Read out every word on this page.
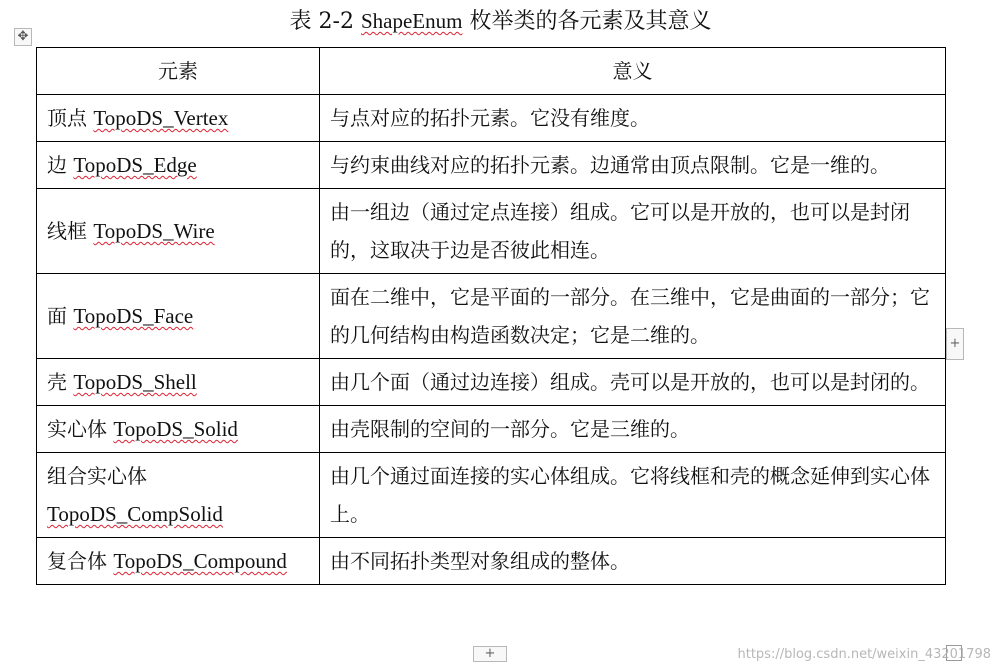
表 2-2 ShapeEnum 枚举类的各元素及其意义
✥
元素	意义
顶点 TopoDS_Vertex	与点对应的拓扑元素。它没有维度。
边 TopoDS_Edge	与约束曲线对应的拓扑元素。边通常由顶点限制。它是一维的。
线框 TopoDS_Wire	由一组边（通过定点连接）组成。它可以是开放的，也可以是封闭的，这取决于边是否彼此相连。
面 TopoDS_Face	面在二维中，它是平面的一部分。在三维中，它是曲面的一部分；它的几何结构由构造函数决定；它是二维的。
壳 TopoDS_Shell	由几个面（通过边连接）组成。壳可以是开放的，也可以是封闭的。
实心体 TopoDS_Solid	由壳限制的空间的一部分。它是三维的。
组合实心体
TopoDS_CompSolid	由几个通过面连接的实心体组成。它将线框和壳的概念延伸到实心体上。
复合体 TopoDS_Compound	由不同拓扑类型对象组成的整体。
+
+	https://blog.csdn.net/weixin_43201798
